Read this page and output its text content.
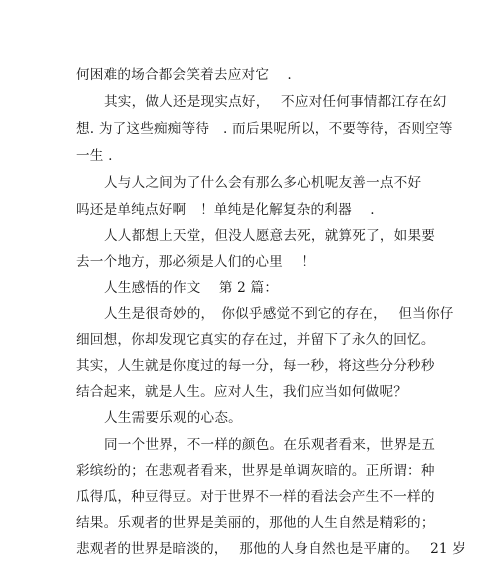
何困难的场合都会笑着去应对它　 .
其实，做人还是现实点好，　 不应对任何事情都江存在幻
想. 为了这些痴痴等待　. 而后果呢所以，不要等待，否则空等
一生 .
人与人之间为了什么会有那么多心机呢友善一点不好
吗还是单纯点好啊　！单纯是化解复杂的利器　 .
人人都想上天堂，但没人愿意去死，就算死了，如果要
去一个地方，那必须是人们的心里　 ！
人生感悟的作文　 第 2 篇：
人生是很奇妙的，　你似乎感觉不到它的存在，　 但当你仔
细回想，你却发现它真实的存在过，并留下了永久的回忆。
其实，人生就是你度过的每一分，每一秒，将这些分分秒秒
结合起来，就是人生。应对人生，我们应当如何做呢？
人生需要乐观的心态。
同一个世界，不一样的颜色。在乐观者看来，世界是五
彩缤纷的；在悲观者看来，世界是单调灰暗的。正所谓：种
瓜得瓜，种豆得豆。对于世界不一样的看法会产生不一样的
结果。乐观者的世界是美丽的，那他的人生自然是精彩的；
悲观者的世界是暗淡的，　 那他的人身自然也是平庸的。　 21 岁
